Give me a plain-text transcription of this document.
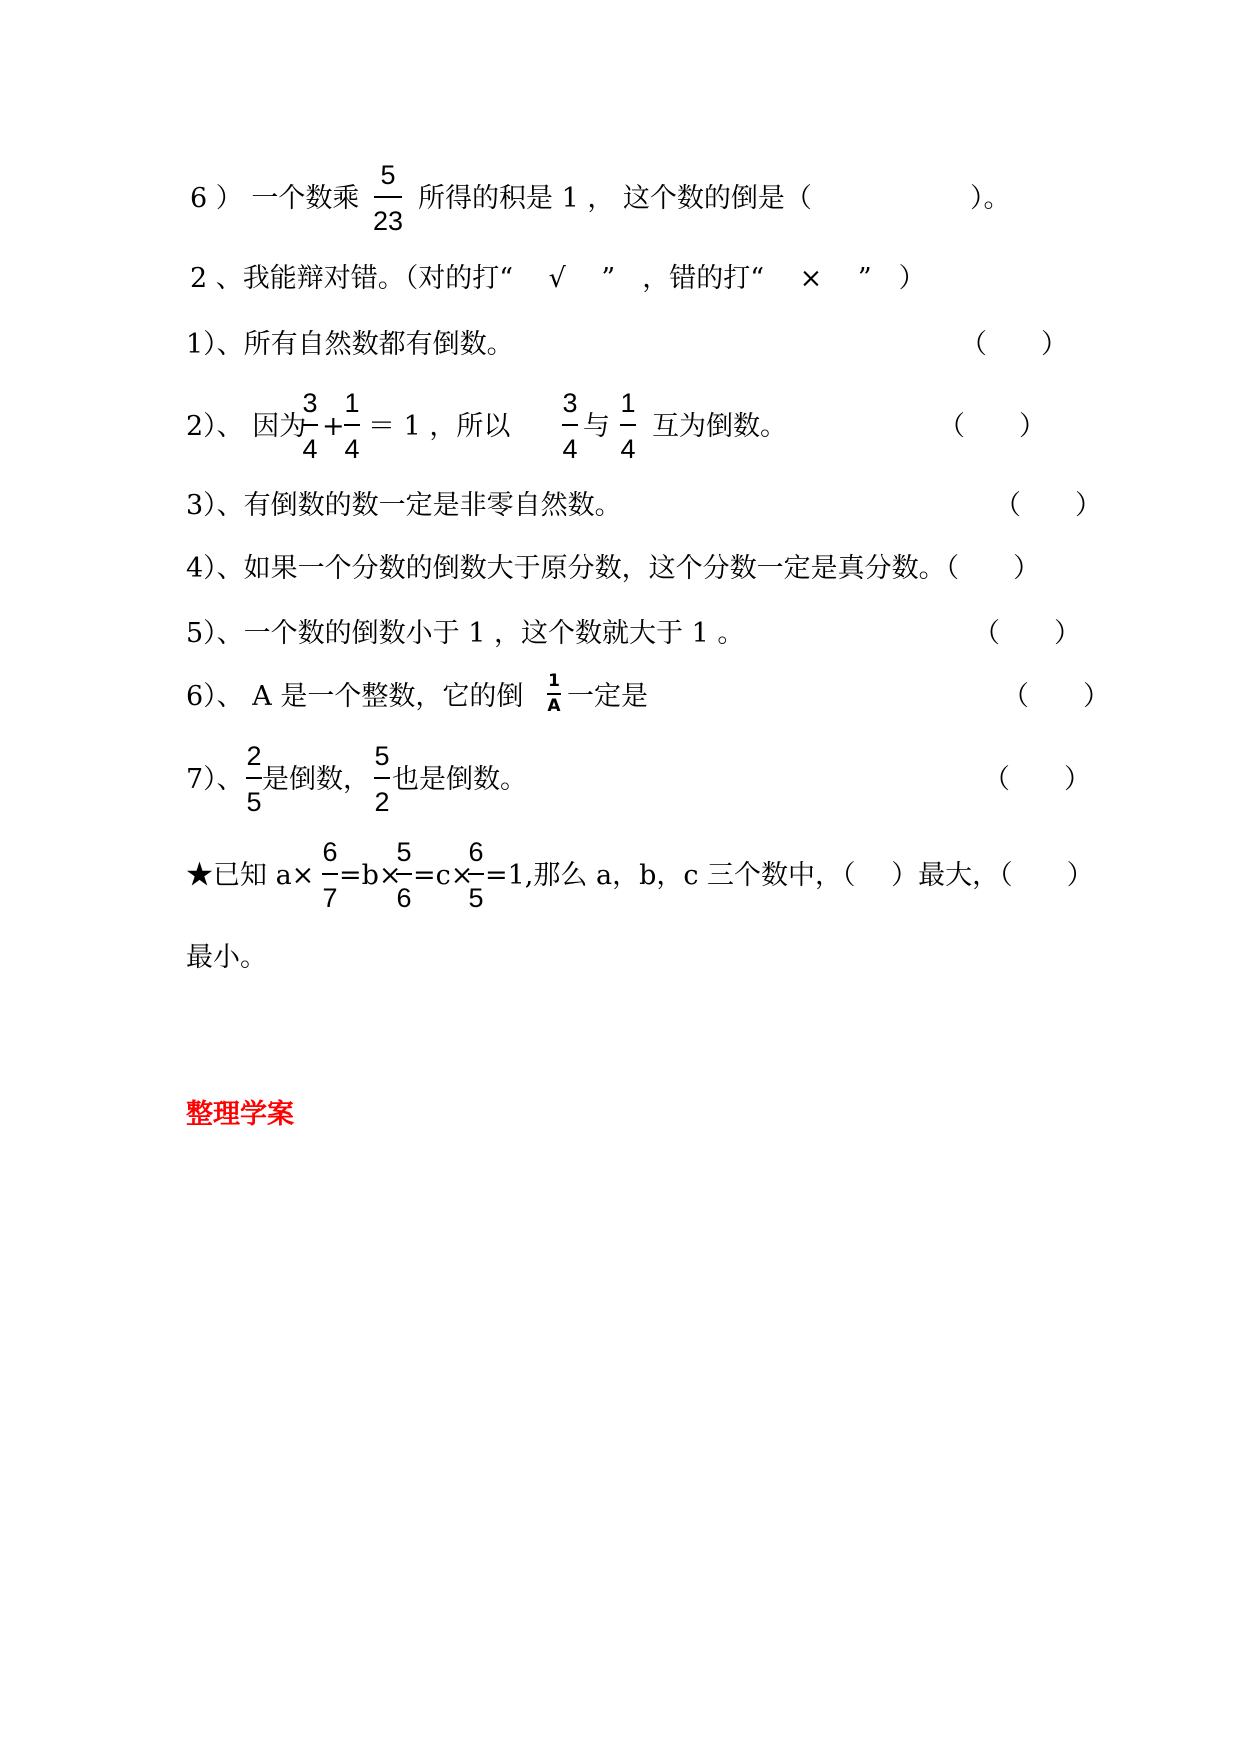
6 ） 一个数乘
5
23
所得的积是 1 ， 这个数的倒是（	）。
2 、我能辩对错。（对的打“　 √　 ”　，错的打“　 ×　 ”　）
1）、所有自然数都有倒数。	（　　）
2）、 因为
3
4
+
1
4
＝ 1 ，所以
3
4
与
1
4
互为倒数。	（　　）
3）、有倒数的数一定是非零自然数。	（　　）
4）、如果一个分数的倒数大于原分数，这个分数一定是真分数。（　　）
5）、一个数的倒数小于 1 ，这个数就大于 1 。	（　　）
6）、 A 是一个整数，它的倒 1
A 一定是	（　　）
7）、
2
5
是倒数，
5
2
也是倒数。	（　　）
★已知 a×
6
7
=b×
5
6
=c×
6
5
=1,那么 a，b，c 三个数中，（　 ）最大，（　　）
最小。
整理学案
